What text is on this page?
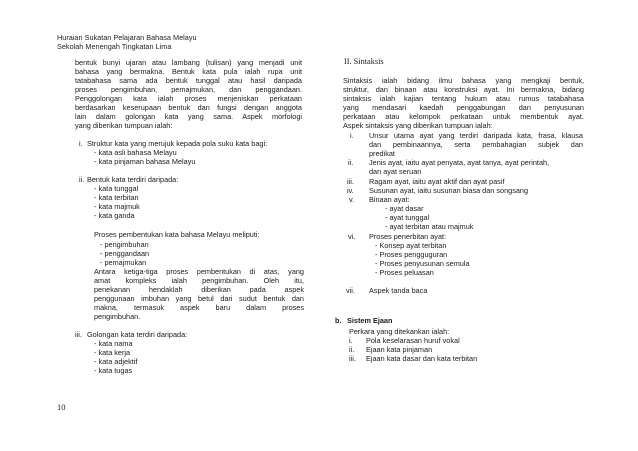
Huraian Sukatan Pelajaran Bahasa Melayu
Sekolah Menengah Tingkatan Lima
bentuk bunyi ujaran atau lambang (tulisan) yang menjadi unit
bahasa yang bermakna. Bentuk kata pula ialah rupa unit
tatabahasa sama ada bentuk tunggal atau hasil daripada
proses pengimbuhan, pemajmukan, dan penggandaan.
Penggolongan kata ialah proses menjeniskan perkataan
berdasarkan keserupaan bentuk dan fungsi dengan anggota
lain dalam golongan kata yang sama. Aspek morfologi
yang diberikan tumpuan ialah:
i. Struktur kata yang merujuk kepada pola suku kata bagi:
- kata asli bahasa Melayu
- kata pinjaman bahasa Melayu
ii. Bentuk kata terdiri daripada:
- kata tunggal
- kata terbitan
- kata majmuk
- kata ganda
Proses pembentukan kata bahasa Melayu meliputi:
- pengimbuhan
- penggandaan
- pemajmukan
Antara ketiga-tiga proses pembentukan di atas, yang
amat kompleks ialah pengimbuhan. Oleh itu,
penekanan hendaklah diberikan pada aspek
penggunaan imbuhan yang betul dari sudut bentuk dan
makna, termasuk aspek baru dalam proses
pengimbuhan.
iii. Golongan kata terdiri daripada:
- kata nama
- kata kerja
- kata adjektif
- kata tugas
II. Sintaksis
Sintaksis ialah bidang ilmu bahasa yang mengkaji bentuk,
struktur, dan binaan atau konstruksi ayat. Ini bermakna, bidang
sintaksis ialah kajian tentang hukum atau rumus tatabahasa
yang mendasari kaedah penggabungan dan penyusunan
perkataan atau kelompok perkataan untuk membentuk ayat.
Aspek sintaksis yang diberikan tumpuan ialah:
i. Unsur utama ayat yang terdiri daripada kata, frasa, klausa
dan pembinaannya, serta pembahagian subjek dan
predikat
ii. Jenis ayat, iaitu ayat penyata, ayat tanya, ayat perintah,
dan ayat seruan
iii. Ragam ayat, iaitu ayat aktif dan ayat pasif
iv. Susunan ayat, iaitu susunan biasa dan songsang
v. Binaan ayat:
- ayat dasar
- ayat tunggal
- ayat terbitan atau majmuk
vi. Proses penerbitan ayat:
- Konsep ayat terbitan
- Proses pengguguran
- Proses penyusunan semula
- Proses peluasan
vii. Aspek tanda baca
b. Sistem Ejaan
Perkara yang ditekankan ialah:
i. Pola keselarasan huruf vokal
ii. Ejaan kata pinjaman
iii. Ejaan kata dasar dan kata terbitan
10
